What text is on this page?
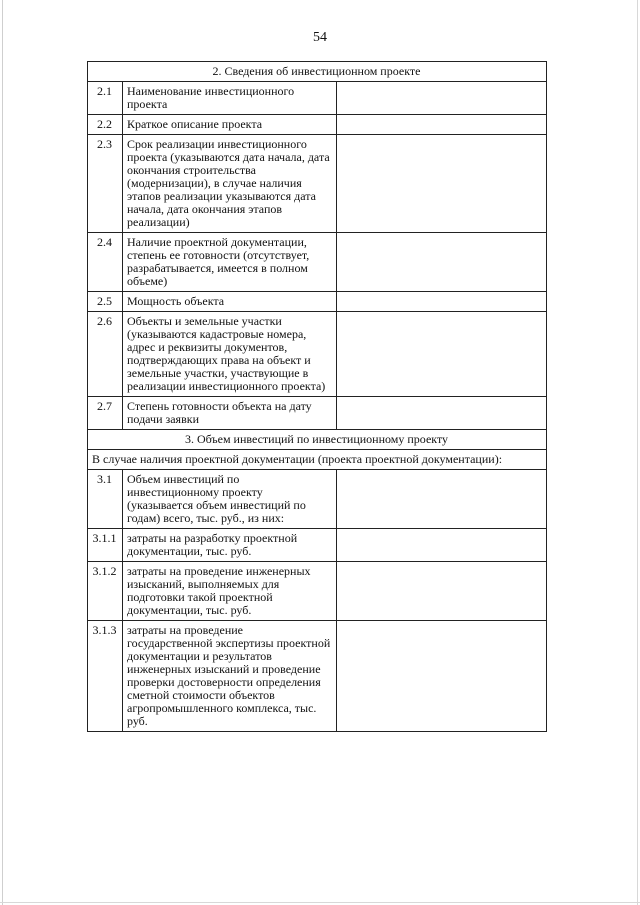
54
2. Сведения об инвестиционном проекте		
2.1	Наименование инвестиционного проекта	
2.2	Краткое описание проекта	
2.3	Срок реализации инвестиционного проекта (указываются дата начала, дата окончания строительства (модернизации), в случае наличия этапов реализации указываются дата начала, дата окончания этапов реализации)	
2.4	Наличие проектной документации, степень ее готовности (отсутствует, разрабатывается, имеется в полном объеме)	
2.5	Мощность объекта	
2.6	Объекты и земельные участки (указываются кадастровые номера, адрес и реквизиты документов, подтверждающих права на объект и земельные участки, участвующие в реализации инвестиционного проекта)	
2.7	Степень готовности объекта на дату подачи заявки	
3. Объем инвестиций по инвестиционному проекту		
В случае наличия проектной документации (проекта проектной документации):		
3.1	Объем инвестиций по инвестиционному проекту (указывается объем инвестиций по годам) всего, тыс. руб., из них:	
3.1.1	затраты на разработку проектной документации, тыс. руб.	
3.1.2	затраты на проведение инженерных изысканий, выполняемых для подготовки такой проектной документации, тыс. руб.	
3.1.3	затраты на проведение государственной экспертизы проектной документации и результатов инженерных изысканий и проведение проверки достоверности определения сметной стоимости объектов агропромышленного комплекса, тыс. руб.	
